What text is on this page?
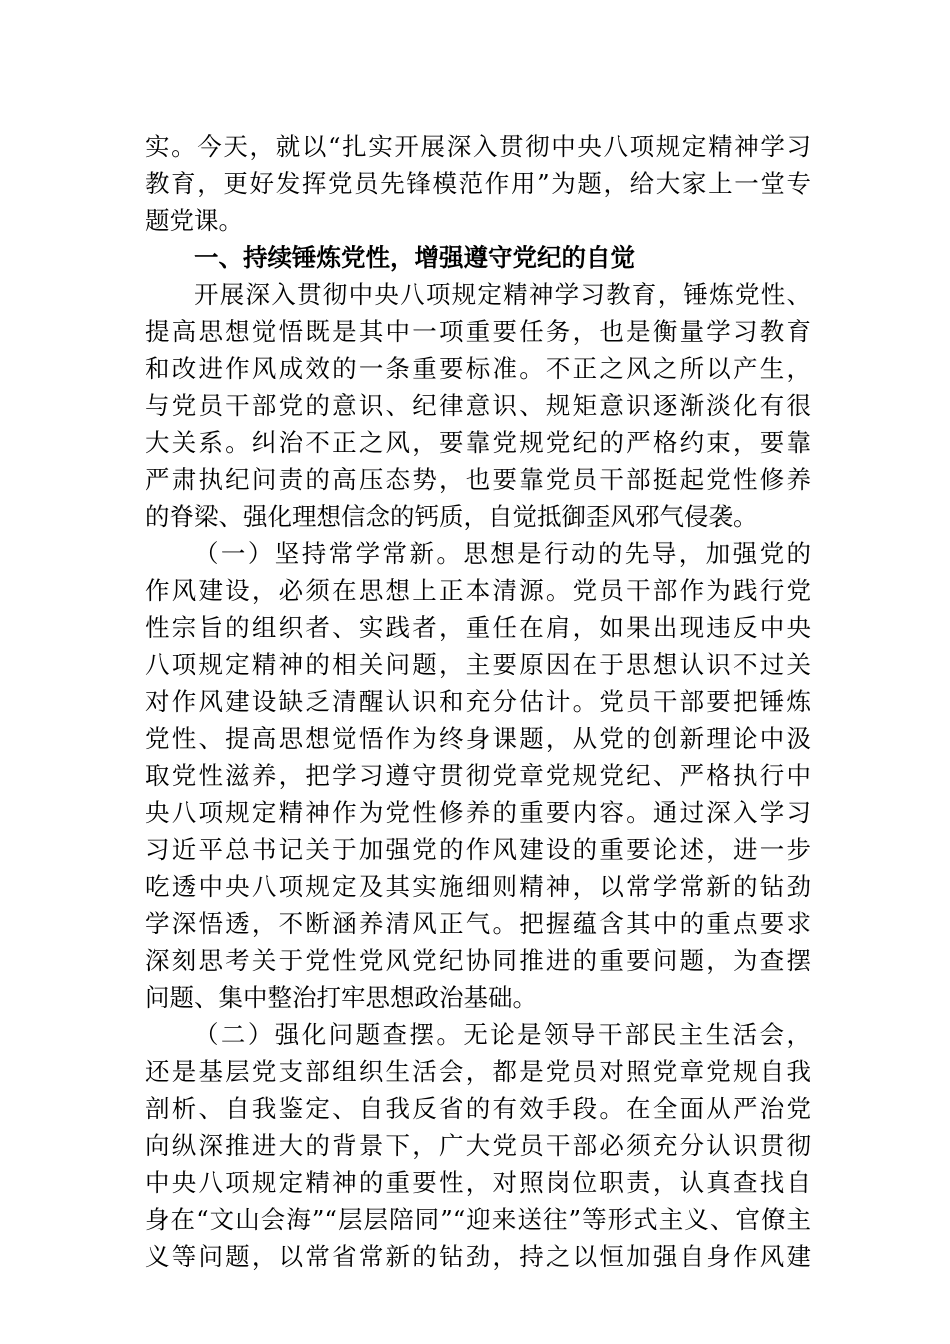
实。今天，就以“扎实开展深入贯彻中央八项规定精神学习
教育，更好发挥党员先锋模范作用”为题，给大家上一堂专
题党课。
一、持续锤炼党性，增强遵守党纪的自觉
开展深入贯彻中央八项规定精神学习教育，锤炼党性、
提高思想觉悟既是其中一项重要任务，也是衡量学习教育
和改进作风成效的一条重要标准。不正之风之所以产生，
与党员干部党的意识、纪律意识、规矩意识逐渐淡化有很
大关系。纠治不正之风，要靠党规党纪的严格约束，要靠
严肃执纪问责的高压态势，也要靠党员干部挺起党性修养
的脊梁、强化理想信念的钙质，自觉抵御歪风邪气侵袭。
（一）坚持常学常新。思想是行动的先导，加强党的
作风建设，必须在思想上正本清源。党员干部作为践行党
性宗旨的组织者、实践者，重任在肩，如果出现违反中央
八项规定精神的相关问题，主要原因在于思想认识不过关
对作风建设缺乏清醒认识和充分估计。党员干部要把锤炼
党性、提高思想觉悟作为终身课题，从党的创新理论中汲
取党性滋养，把学习遵守贯彻党章党规党纪、严格执行中
央八项规定精神作为党性修养的重要内容。通过深入学习
习近平总书记关于加强党的作风建设的重要论述，进一步
吃透中央八项规定及其实施细则精神，以常学常新的钻劲
学深悟透，不断涵养清风正气。把握蕴含其中的重点要求
深刻思考关于党性党风党纪协同推进的重要问题，为查摆
问题、集中整治打牢思想政治基础。
（二）强化问题查摆。无论是领导干部民主生活会，
还是基层党支部组织生活会，都是党员对照党章党规自我
剖析、自我鉴定、自我反省的有效手段。在全面从严治党
向纵深推进大的背景下，广大党员干部必须充分认识贯彻
中央八项规定精神的重要性，对照岗位职责，认真查找自
身在“文山会海”“层层陪同”“迎来送往”等形式主义、官僚主
义等问题，以常省常新的钻劲，持之以恒加强自身作风建
